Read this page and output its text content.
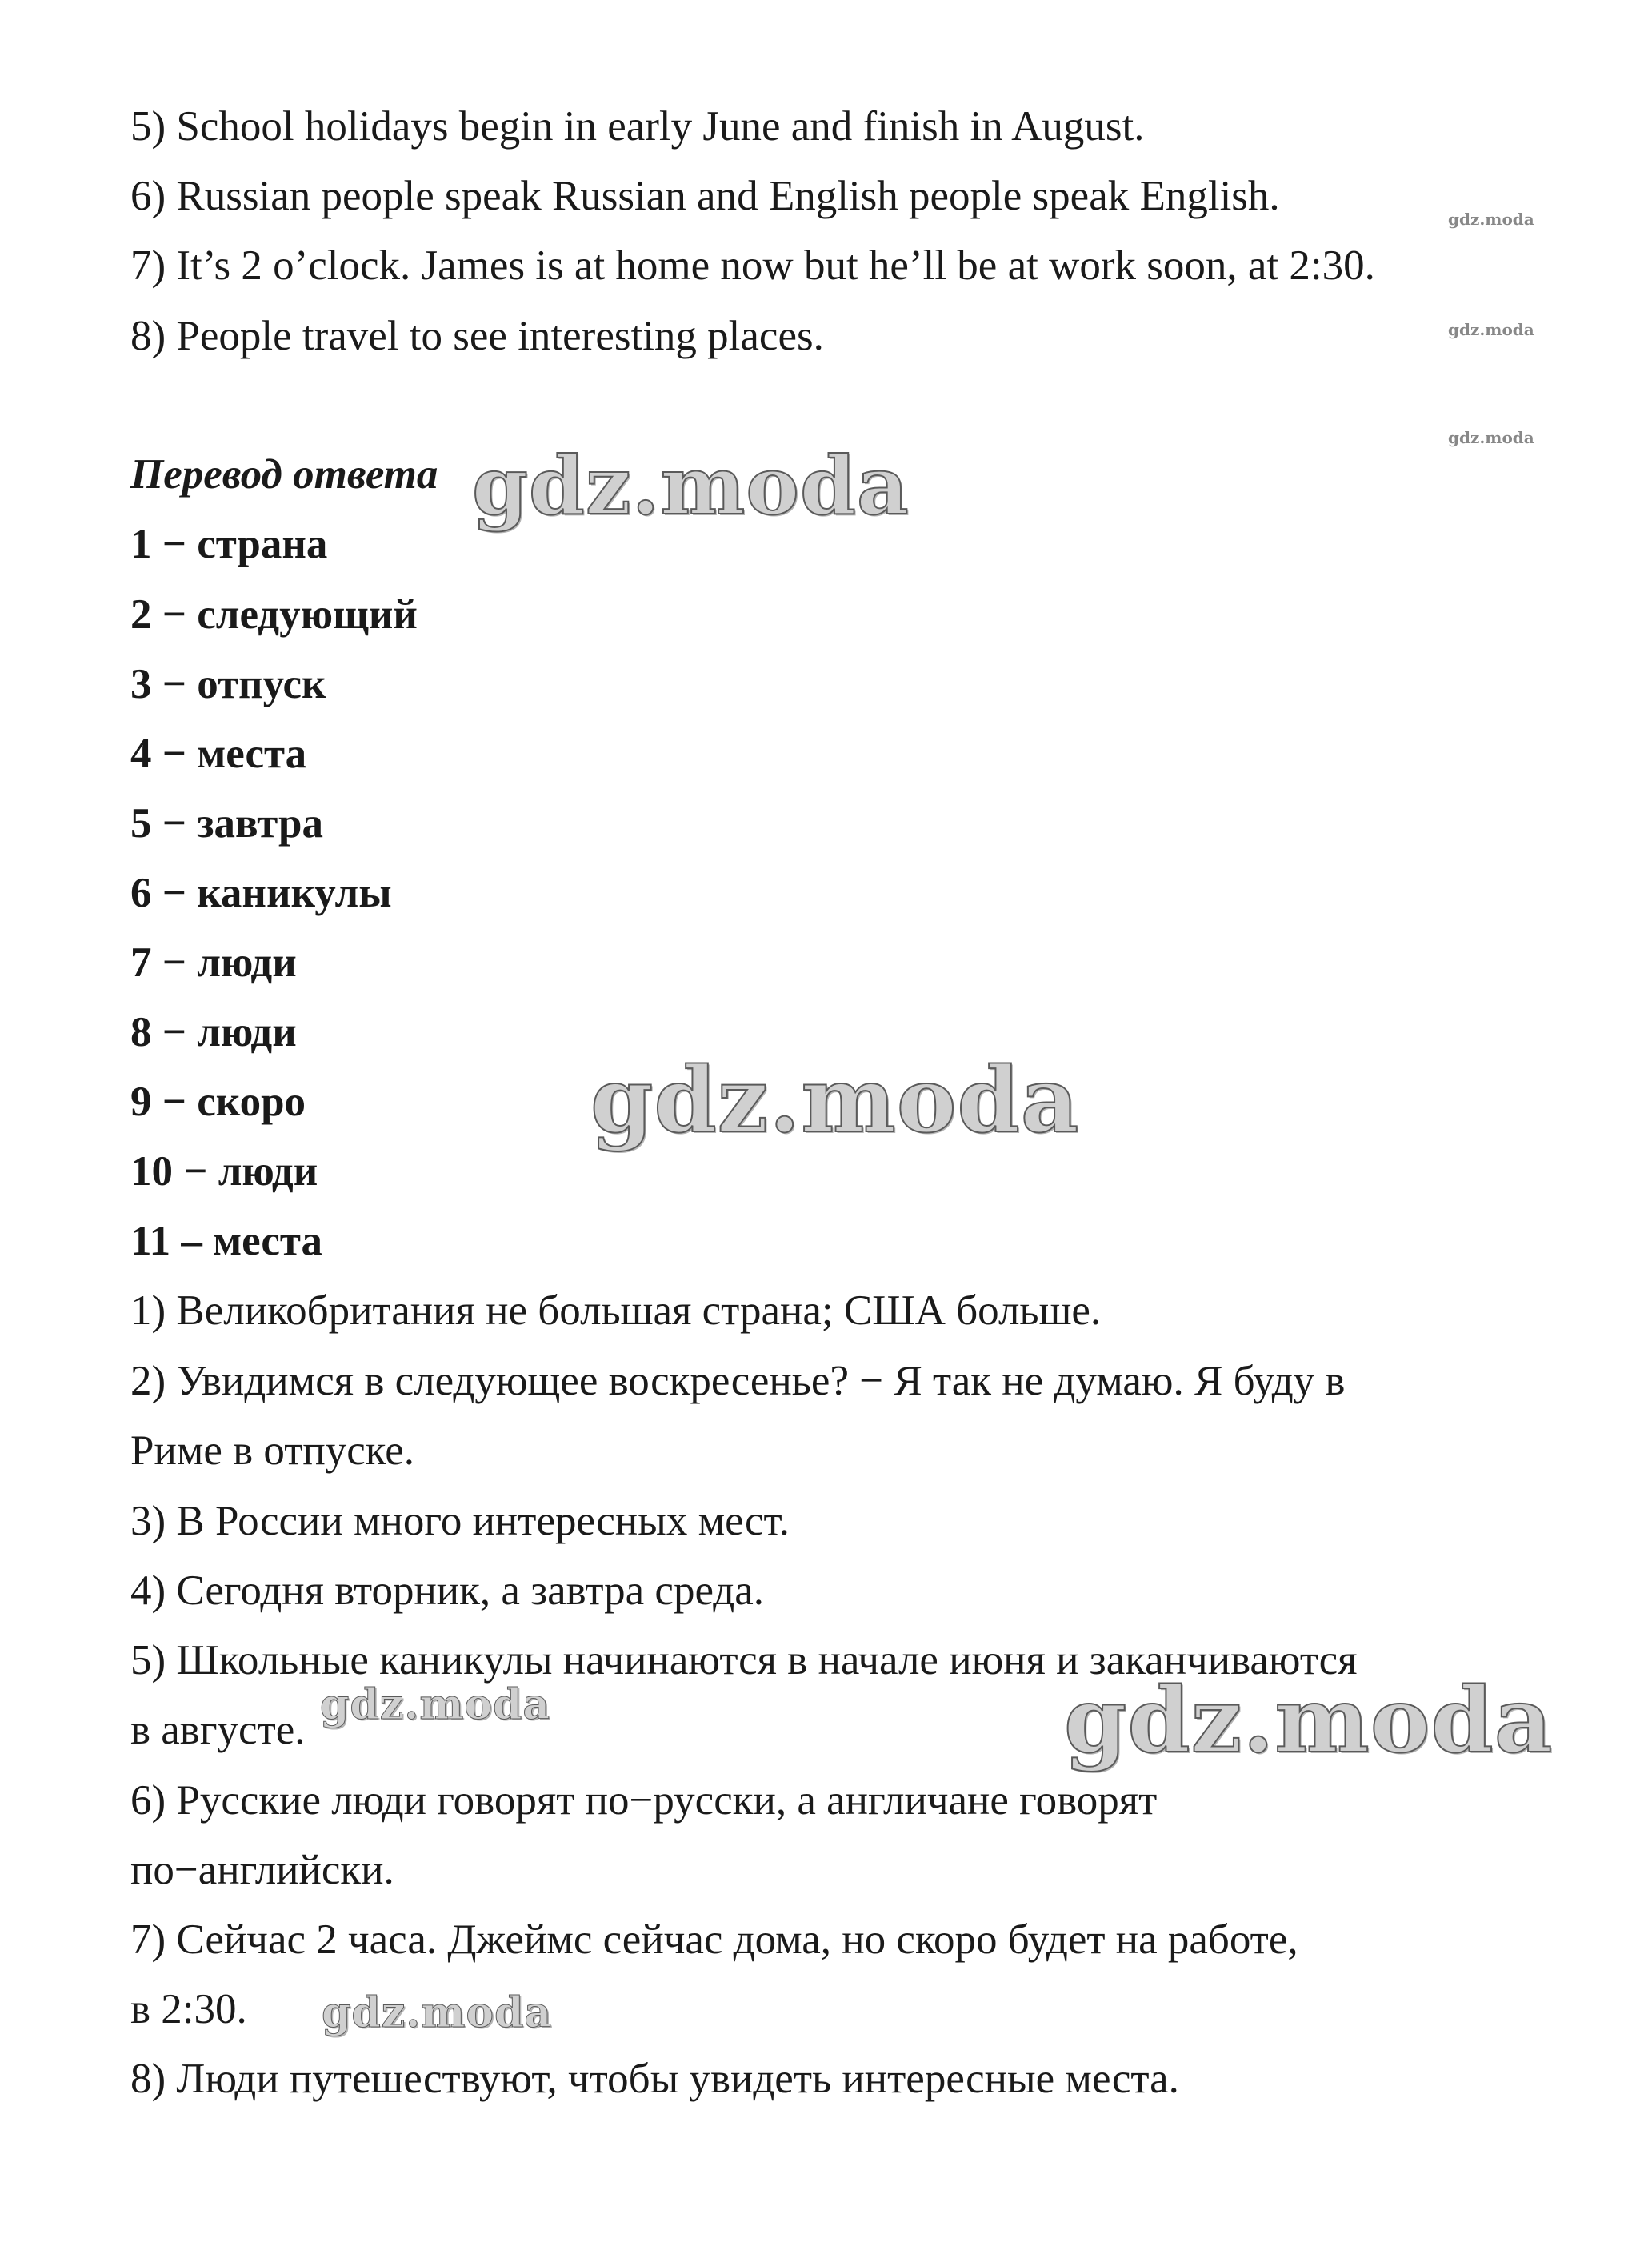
5) School holidays begin in early June and finish in August.
6) Russian people speak Russian and English people speak English.
7) It’s 2 o’clock. James is at home now but he’ll be at work soon, at 2:30.
8) People travel to see interesting places.
Перевод ответа
1 − страна
2 − следующий
3 − отпуск
4 − места
5 − завтра
6 − каникулы
7 − люди
8 − люди
9 − скоро
10 − люди
11 – места
1) Великобритания не большая страна; США больше.
2) Увидимся в следующее воскресенье? − Я так не думаю. Я буду в
Риме в отпуске.
3) В России много интересных мест.
4) Сегодня вторник, а завтра среда.
5) Школьные каникулы начинаются в начале июня и заканчиваются
в августе.
6) Русские люди говорят по−русски, а англичане говорят
по−английски.
7) Сейчас 2 часа. Джеймс сейчас дома, но скоро будет на работе,
в 2:30.
8) Люди путешествуют, чтобы увидеть интересные места.
gdz.moda
gdz.moda
gdz.moda
gdz.moda
gdz.moda
gdz.moda
gdz.moda
gdz.moda
